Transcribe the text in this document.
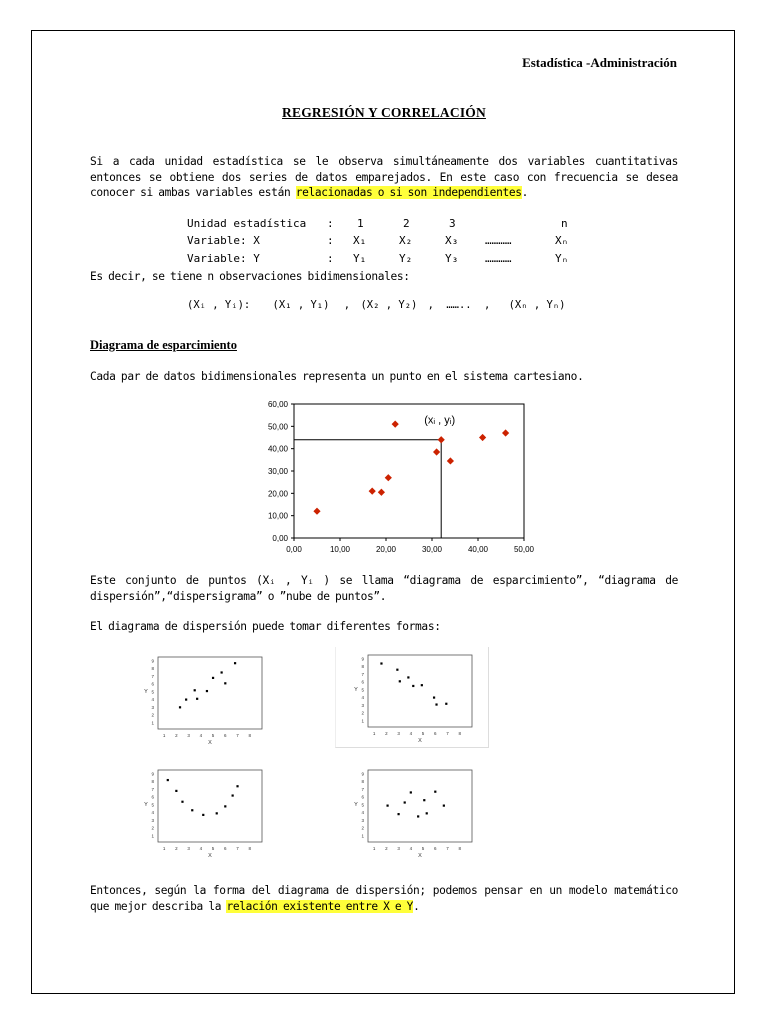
Estadística -Administración
REGRESIÓN Y CORRELACIÓN
Si a cada unidad estadística se le observa simultáneamente dos variables cuantitativas entonces se obtiene dos series de datos emparejados. En este caso con frecuencia se desea conocer si ambas variables están relacionadas o si son independientes.
Unidad estadística : 1	2	3	n
Variable: X	: X₁	X₂	X₃ …………	Xₙ
Variable: Y	: Y₁	Y₂	Y₃ …………	Yₙ
Es decir, se tiene n observaciones bidimensionales:
(Xᵢ , Yᵢ): (X₁ , Y₁) , (X₂ , Y₂) , …….. , (Xₙ , Yₙ)
Diagrama de esparcimiento
Cada par de datos bidimensionales representa un punto en el sistema cartesiano.
0,00
10,00
20,00
30,00
40,00
50,00
60,00
0,00	10,00	20,00	30,00	40,00	50,00
(xᵢ , yᵢ)
Este conjunto de puntos (Xᵢ , Yᵢ ) se llama “diagrama de esparcimiento”, “diagrama de dispersión”,“dispersigrama” o ”nube de puntos”.
El diagrama de dispersión puede tomar diferentes formas:
1 2 3 4 5 6 7 8
1
2
3
4
5
6
7
8
9
X
Y
1 2 3 4 5 6 7 8
1
2
3
4
5
6
7
8
9
X
Y
1 2 3 4 5 6 7 8
1
2
3
4
5
6
7
8
9
X
Y
1 2 3 4 5 6 7 8
1
2
3
4
5
6
7
8
9
X
Y
Entonces, según la forma del diagrama de dispersión; podemos pensar en un modelo matemático que mejor describa la relación existente entre X e Y.
